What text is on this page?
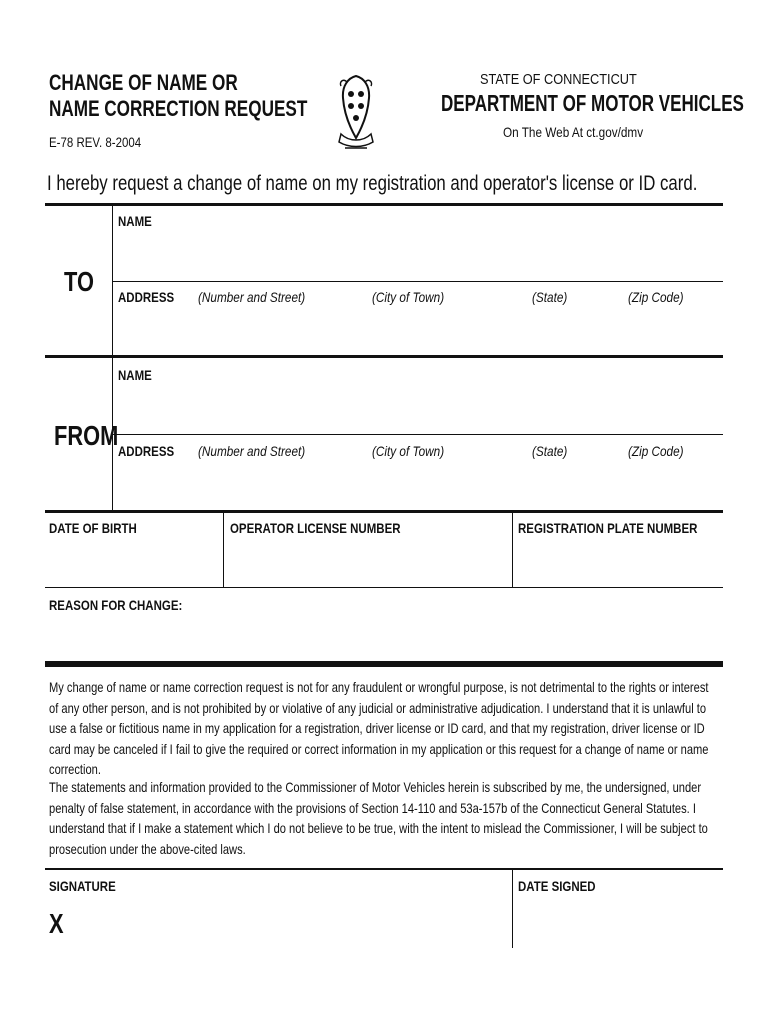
CHANGE OF NAME OR
NAME CORRECTION REQUEST
E-78 REV. 8-2004
STATE OF CONNECTICUT
DEPARTMENT OF MOTOR VEHICLES
On The Web At ct.gov/dmv
I hereby request a change of name on my registration and operator's license or ID card.
TO
NAME
ADDRESS (Number and Street)	(City of Town)	(State)	(Zip Code)
FROM
NAME
ADDRESS (Number and Street)	(City of Town)	(State)	(Zip Code)
DATE OF BIRTH	OPERATOR LICENSE NUMBER	REGISTRATION PLATE NUMBER
REASON FOR CHANGE:
My change of name or name correction request is not for any fraudulent or wrongful purpose, is not detrimental to the rights or interest of any other person, and is not prohibited by or violative of any judicial or administrative adjudication. I understand that it is unlawful to use a false or fictitious name in my application for a registration, driver license or ID card, and that my registration, driver license or ID card may be canceled if I fail to give the required or correct information in my application or this request for a change of name or name correction.
The statements and information provided to the Commissioner of Motor Vehicles herein is subscribed by me, the undersigned, under penalty of false statement, in accordance with the provisions of Section 14-110 and 53a-157b of the Connecticut General Statutes. I understand that if I make a statement which I do not believe to be true, with the intent to mislead the Commissioner, I will be subject to prosecution under the above-cited laws.
SIGNATURE	DATE SIGNED
X
